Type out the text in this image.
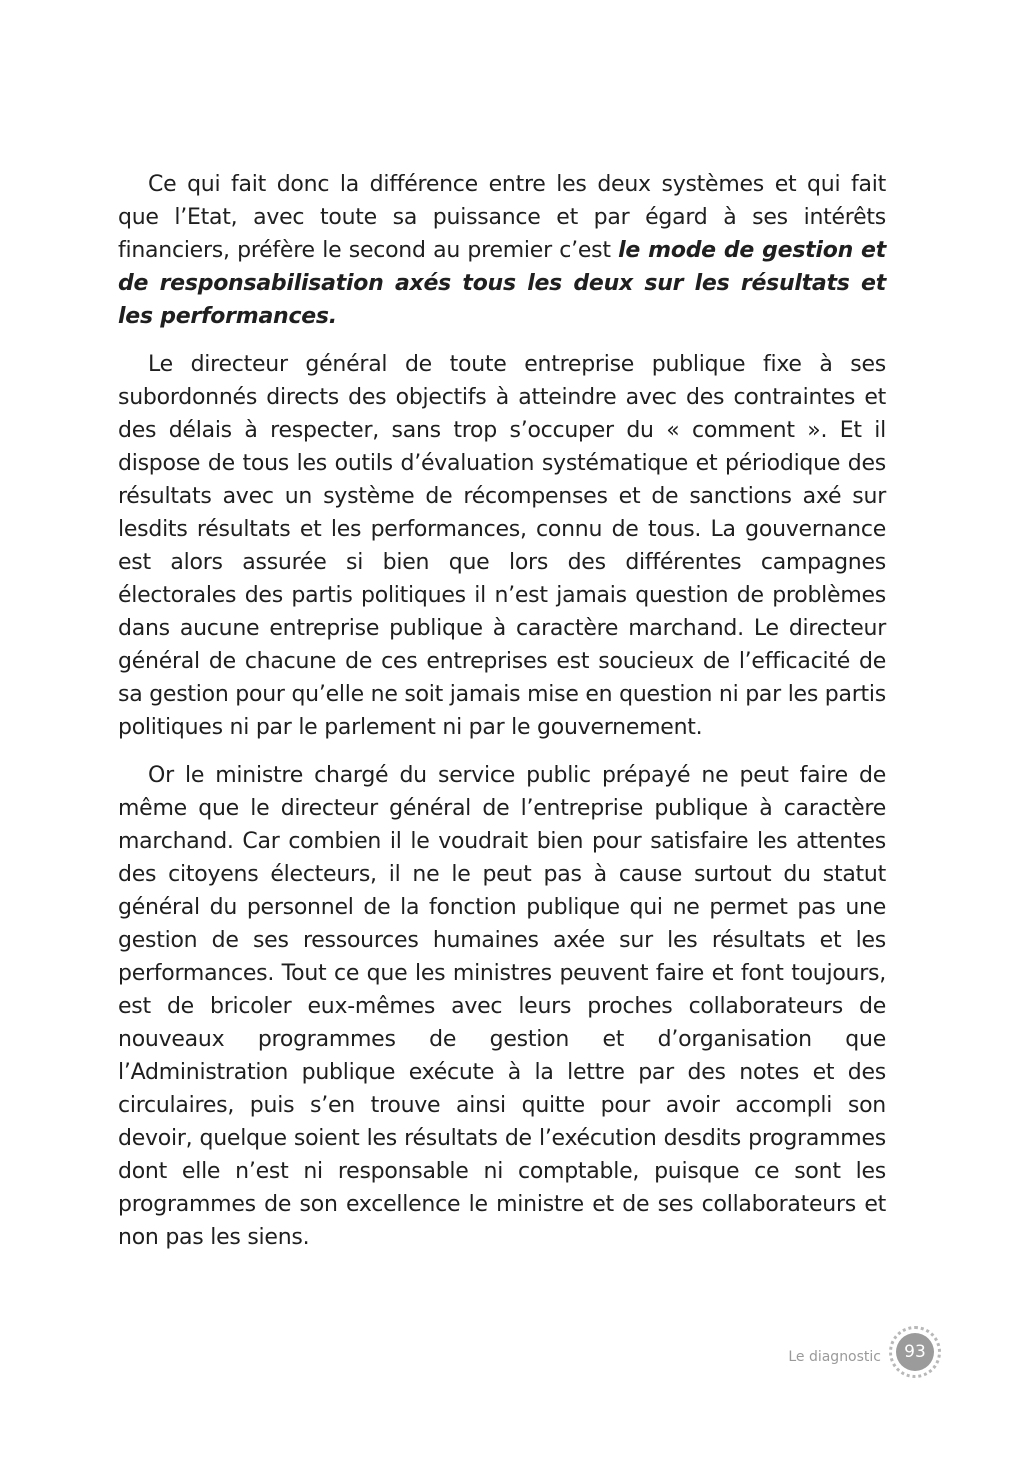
Ce qui fait donc la différence entre les deux systèmes et qui fait que l’Etat, avec toute sa puissance et par égard à ses intérêts financiers, préfère le second au premier c’est le mode de gestion et de responsabilisation axés tous les deux sur les résultats et les performances.

Le directeur général de toute entreprise publique fixe à ses subordonnés directs des objectifs à atteindre avec des contraintes et des délais à respecter, sans trop s’occuper du « comment ». Et il dispose de tous les outils d’évaluation systématique et périodique des résultats avec un système de récompenses et de sanctions axé sur lesdits résultats et les performances, connu de tous. La gouvernance est alors assurée si bien que lors des différentes campagnes électorales des partis politiques il n’est jamais question de problèmes dans aucune entreprise publique à caractère marchand. Le directeur général de chacune de ces entreprises est soucieux de l’efficacité de sa gestion pour qu’elle ne soit jamais mise en question ni par les partis politiques ni par le parlement ni par le gouvernement.

Or le ministre chargé du service public prépayé ne peut faire de même que le directeur général de l’entreprise publique à caractère marchand. Car combien il le voudrait bien pour satisfaire les attentes des citoyens électeurs, il ne le peut pas à cause surtout du statut général du personnel de la fonction publique qui ne permet pas une gestion de ses ressources humaines axée sur les résultats et les performances. Tout ce que les ministres peuvent faire et font toujours, est de bricoler eux-mêmes avec leurs proches collaborateurs de nouveaux programmes de gestion et d’organisation que l’Administration publique exécute à la lettre par des notes et des circulaires, puis s’en trouve ainsi quitte pour avoir accompli son devoir, quelque soient les résultats de l’exécution desdits programmes dont elle n’est ni responsable ni comptable, puisque ce sont les programmes de son excellence le ministre et de ses collaborateurs et non pas les siens.

Le diagnostic	93
